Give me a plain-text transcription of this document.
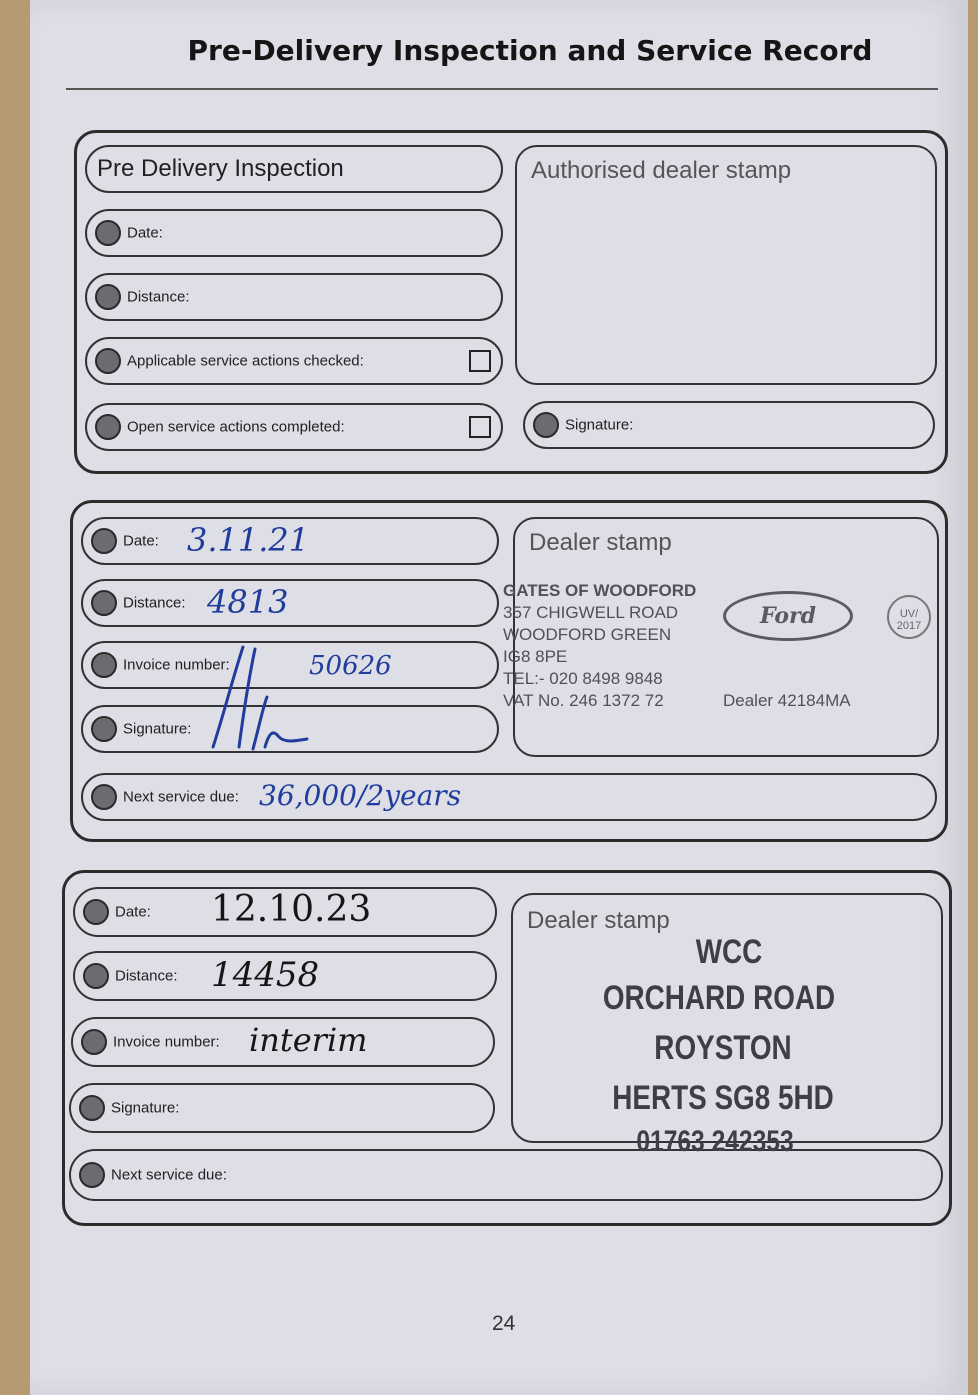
Pre-Delivery Inspection and Service Record
Pre Delivery Inspection
Date:
Distance:
Applicable service actions checked:
Open service actions completed:
Authorised dealer stamp
Signature:
Date: 3.11.21
Distance: 4813
Invoice number:	50626
Signature:
Next service due: 36,000/2years
Dealer stamp
GATES OF WOODFORD
357 CHIGWELL ROAD
WOODFORD GREEN
IG8 8PE
TEL:- 020 8498 9848
VAT No. 246 1372 72
Ford	UV/ 2017
Dealer 42184MA
Date: 12.10.23
Distance: 14458
Invoice number: interim
Signature:
Next service due:
Dealer stamp
WCC
ORCHARD ROAD
ROYSTON
HERTS SG8 5HD
01763 242353
24
